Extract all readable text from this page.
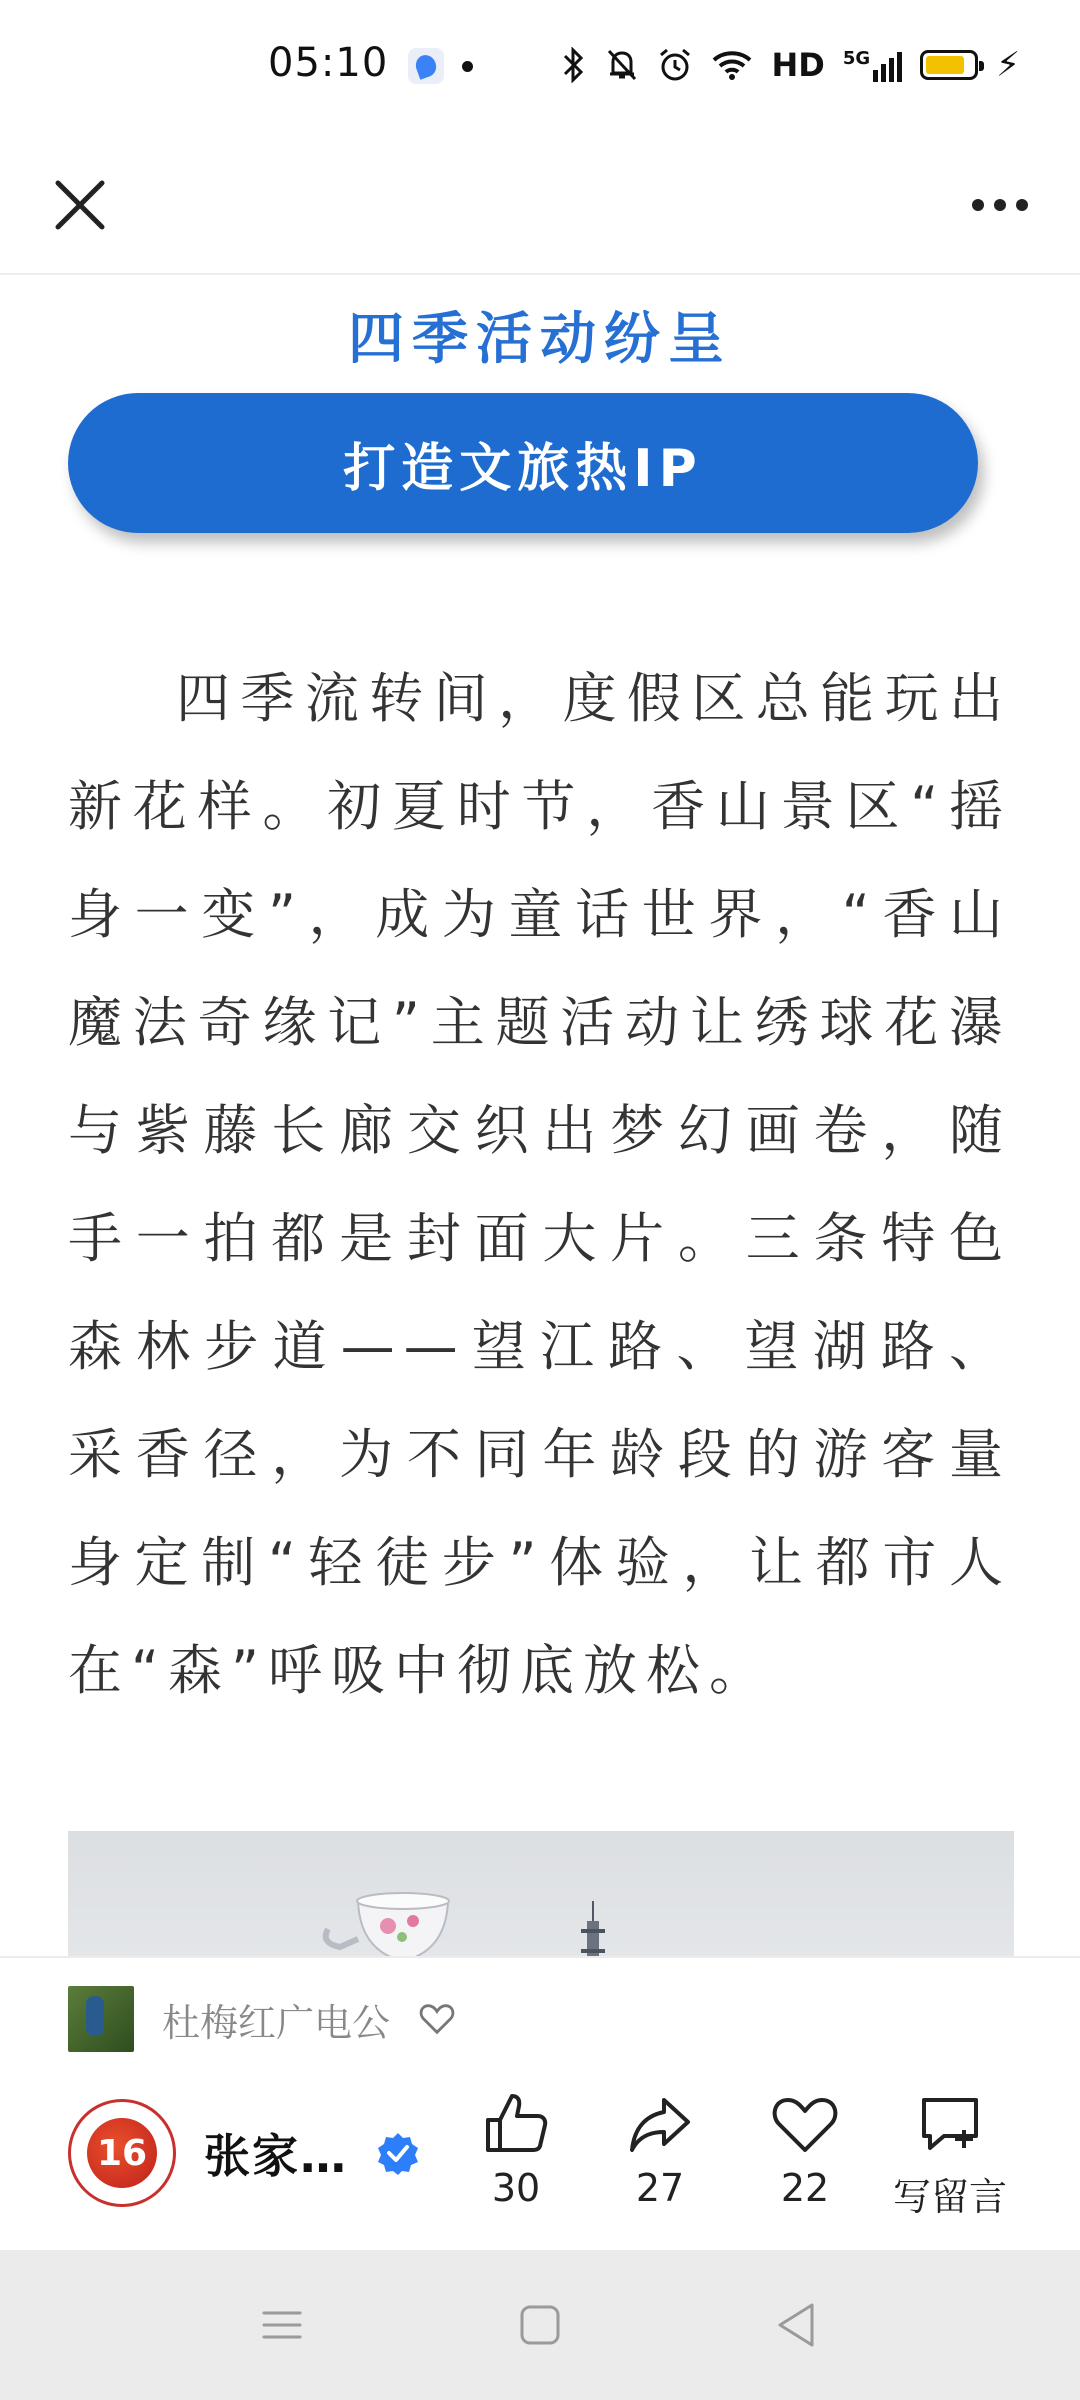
05:10	HD 5G	⚡
四季活动纷呈
打造文旅热IP

四季流转间，度假区总能玩出新花样。初夏时节，香山景区“摇身一变”，成为童话世界，“香山魔法奇缘记”主题活动让绣球花瀑与紫藤长廊交织出梦幻画卷，随手一拍都是封面大片。三条特色森林步道——望江路、望湖路、采香径，为不同年龄段的游客量身定制“轻徒步”体验，让都市人在“森”呼吸中彻底放松。

杜梅红广电公
16 张家…
30	27	22	写留言
